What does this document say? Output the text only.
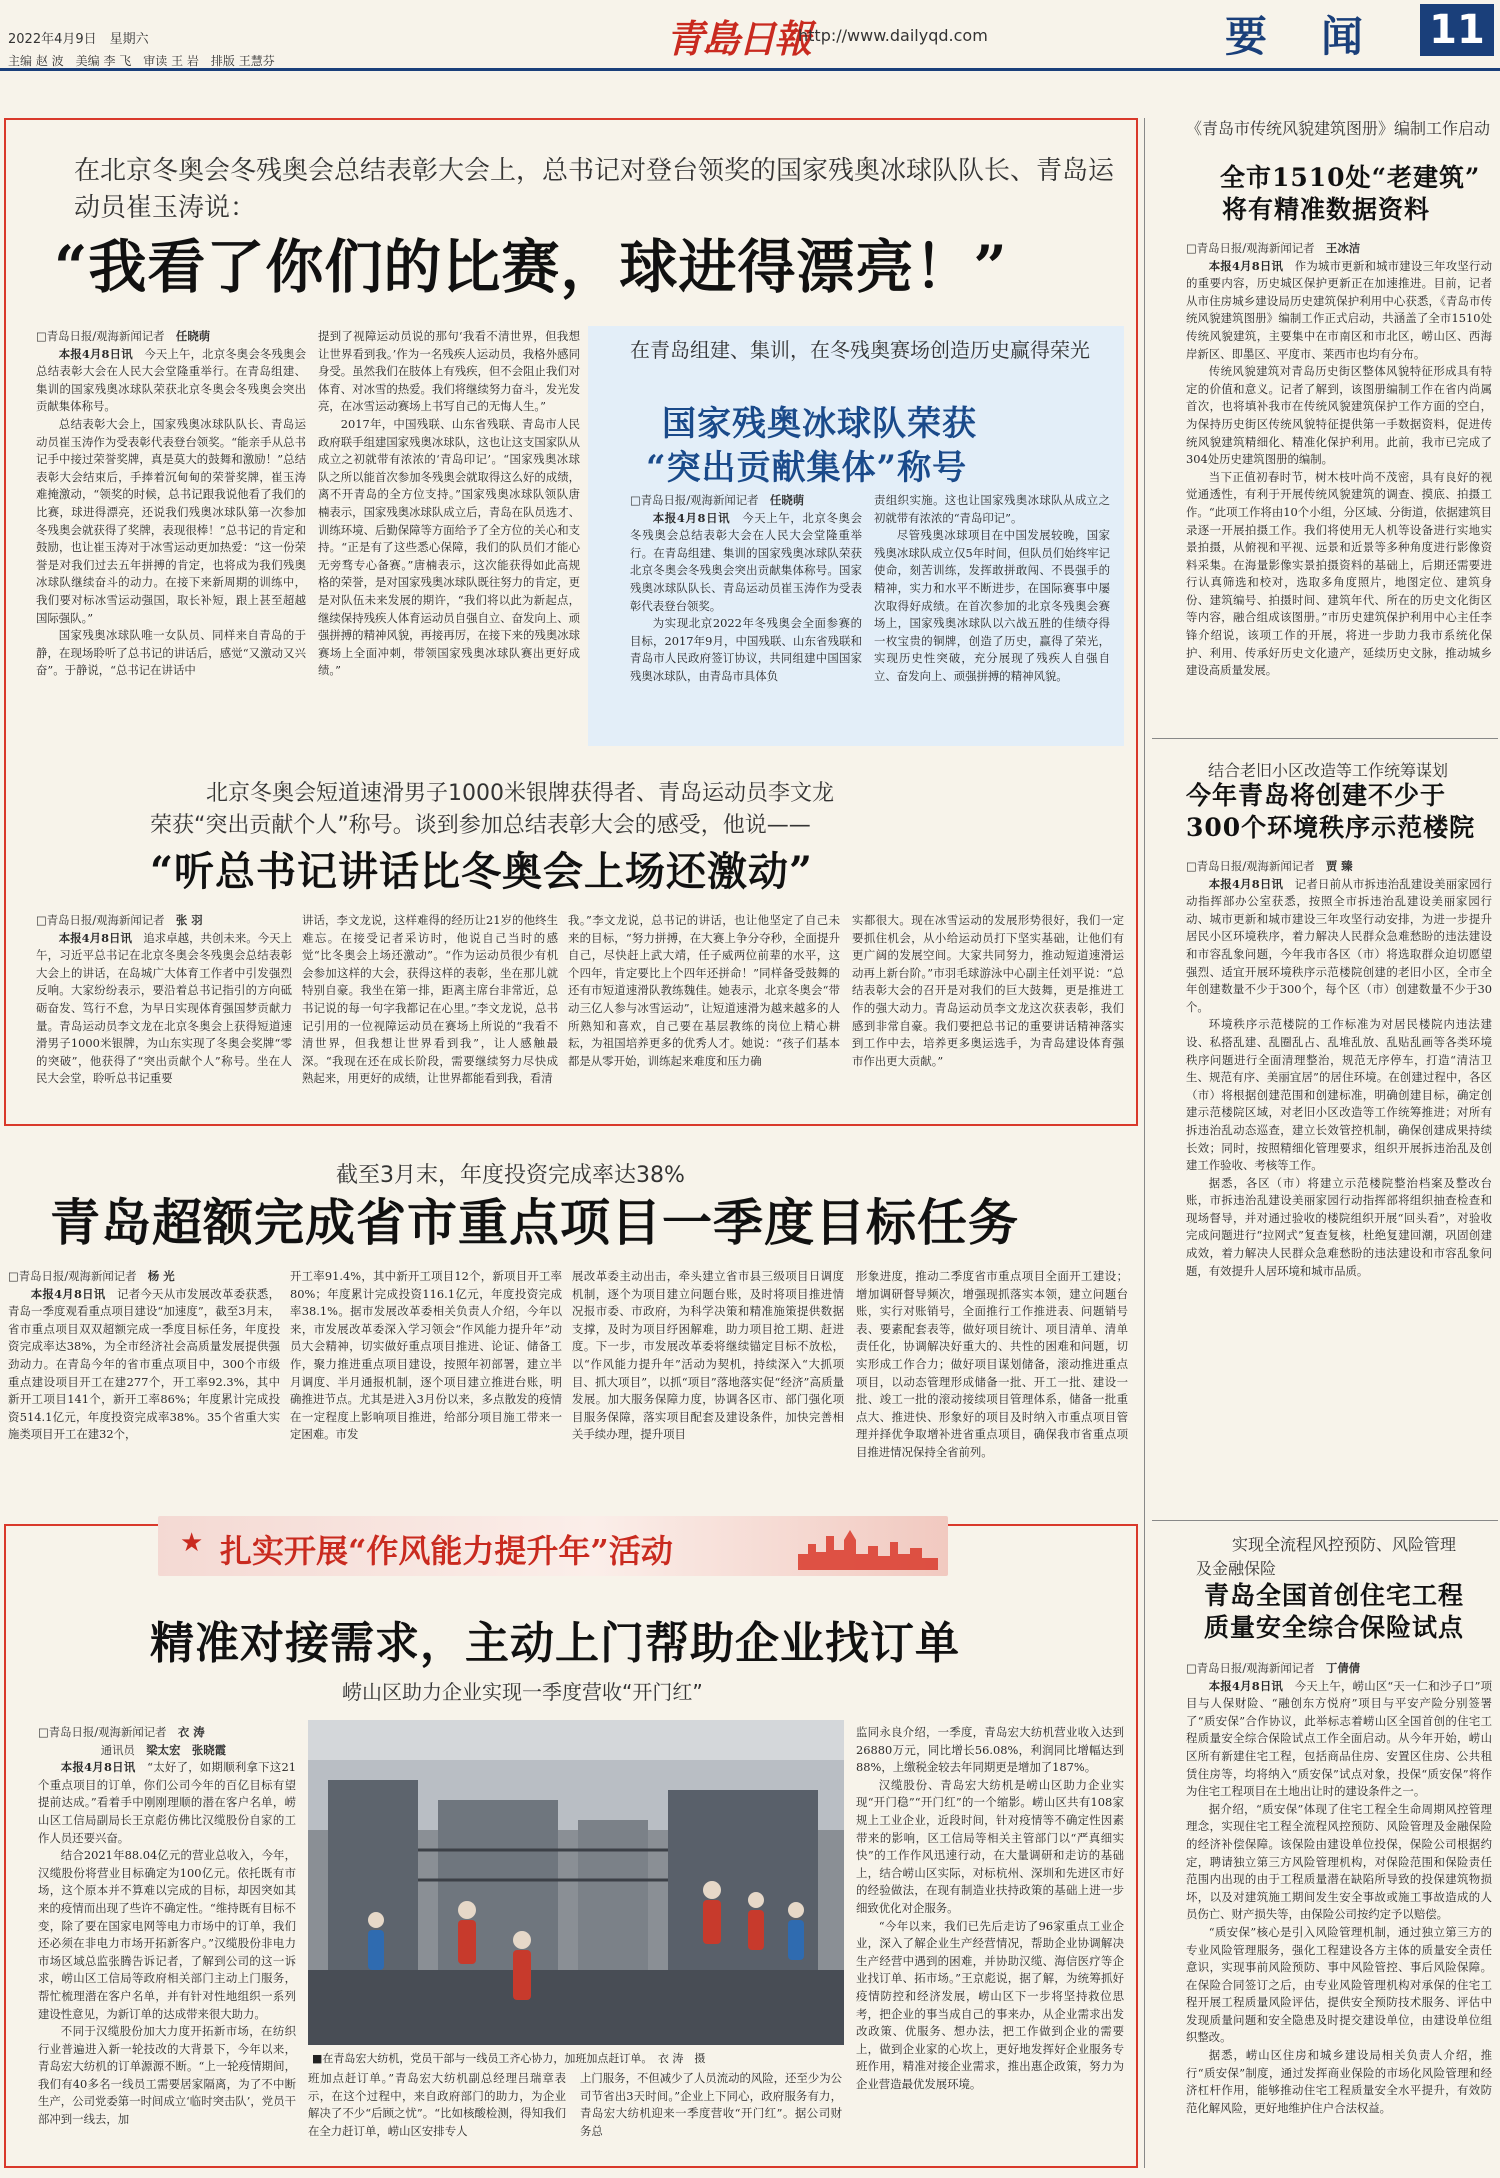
2022年4月9日　星期六	青島日報
http://www.dailyqd.com	要　闻 11
主编 赵 波　美编 李 飞　审读 王 岩　排版 王慧芬
在北京冬奥会冬残奥会总结表彰大会上，总书记对登台领奖的国家残奥冰球队队长、青岛运动员崔玉涛说：
“我看了你们的比赛，球进得漂亮！”

□青岛日报/观海新闻记者　 任晓萌

本报4月8日讯　 今天上午，北京冬奥会冬残奥会总结表彰大会在人民大会堂隆重举行。在青岛组建、集训的国家残奥冰球队荣获北京冬奥会冬残奥会突出贡献集体称号。

总结表彰大会上，国家残奥冰球队队长、青岛运动员崔玉涛作为受表彰代表登台领奖。“能亲手从总书记手中接过荣誉奖牌，真是莫大的鼓舞和激励！”总结表彰大会结束后，手捧着沉甸甸的荣誉奖牌，崔玉涛难掩激动，“领奖的时候，总书记跟我说他看了我们的比赛，球进得漂亮，还说我们残奥冰球队第一次参加冬残奥会就获得了奖牌，表现很棒！”总书记的肯定和鼓励，也让崔玉涛对于冰雪运动更加热爱：“这一份荣誉是对我们过去五年拼搏的肯定，也将成为我们残奥冰球队继续奋斗的动力。在接下来新周期的训练中，我们要对标冰雪运动强国，取长补短，跟上甚至超越国际强队。”

国家残奥冰球队唯一女队员、同样来自青岛的于静，在现场聆听了总书记的讲话后，感觉“又激动又兴奋”。于静说，“总书记在讲话中

提到了视障运动员说的那句‘我看不清世界，但我想让世界看到我。’作为一名残疾人运动员，我格外感同身受。虽然我们在肢体上有残疾，但不会阻止我们对体育、对冰雪的热爱。我们将继续努力奋斗，发光发亮，在冰雪运动赛场上书写自己的无悔人生。”

2017年，中国残联、山东省残联、青岛市人民政府联手组建国家残奥冰球队，这也让这支国家队从成立之初就带有浓浓的‘青岛印记’。“国家残奥冰球队之所以能首次参加冬残奥会就取得这么好的成绩，离不开青岛的全方位支持。”国家残奥冰球队领队唐楠表示，国家残奥冰球队成立后，青岛在队员选才、训练环境、后勤保障等方面给予了全方位的关心和支持。“正是有了这些悉心保障，我们的队员们才能心无旁骛专心备赛。”唐楠表示，这次能获得如此高规格的荣誉，是对国家残奥冰球队既往努力的肯定，更是对队伍未来发展的期许，“我们将以此为新起点，继续保持残疾人体育运动员自强自立、奋发向上、顽强拼搏的精神风貌，再接再厉，在接下来的残奥冰球赛场上全面冲刺，带领国家残奥冰球队赛出更好成绩。”

在青岛组建、集训，在冬残奥赛场创造历史赢得荣光
国家残奥冰球队荣获
“突出贡献集体”称号

□青岛日报/观海新闻记者　 任晓萌

本报4月8日讯　 今天上午，北京冬奥会冬残奥会总结表彰大会在人民大会堂隆重举行。在青岛组建、集训的国家残奥冰球队荣获北京冬奥会冬残奥会突出贡献集体称号。国家残奥冰球队队长、青岛运动员崔玉涛作为受表彰代表登台领奖。

为实现北京2022年冬残奥会全面参赛的目标，2017年9月，中国残联、山东省残联和青岛市人民政府签订协议，共同组建中国国家残奥冰球队，由青岛市具体负

责组织实施。这也让国家残奥冰球队从成立之初就带有浓浓的“青岛印记”。

尽管残奥冰球项目在中国发展较晚，国家残奥冰球队成立仅5年时间，但队员们始终牢记使命，刻苦训练，发挥敢拼敢闯、不畏强手的精神，实力和水平不断进步，在国际赛事中屡次取得好成绩。在首次参加的北京冬残奥会赛场上，国家残奥冰球队以六战五胜的佳绩夺得一枚宝贵的铜牌，创造了历史，赢得了荣光，实现历史性突破，充分展现了残疾人自强自立、奋发向上、顽强拼搏的精神风貌。

北京冬奥会短道速滑男子1000米银牌获得者、青岛运动员李文龙
荣获“突出贡献个人”称号。谈到参加总结表彰大会的感受，他说——
“听总书记讲话比冬奥会上场还激动”

□青岛日报/观海新闻记者　 张 羽

本报4月8日讯　 追求卓越，共创未来。今天上午，习近平总书记在北京冬奥会冬残奥会总结表彰大会上的讲话，在岛城广大体育工作者中引发强烈反响。大家纷纷表示，要沿着总书记指引的方向砥砺奋发、笃行不怠，为早日实现体育强国梦贡献力量。青岛运动员李文龙在北京冬奥会上获得短道速滑男子1000米银牌，为山东实现了冬奥会奖牌“零的突破”，他获得了“突出贡献个人”称号。坐在人民大会堂，聆听总书记重要

讲话，李文龙说，这样难得的经历让21岁的他终生难忘。在接受记者采访时，他说自己当时的感觉“比冬奥会上场还激动”。“作为运动员很少有机会参加这样的大会，获得这样的表彰，坐在那儿就特别自豪。我坐在第一排，距离主席台非常近，总书记说的每一句字我都记在心里。”李文龙说，总书记引用的一位视障运动员在赛场上所说的“我看不清世界，但我想让世界看到我”，让人感触最深。“我现在还在成长阶段，需要继续努力尽快成熟起来，用更好的成绩，让世界都能看到我，看清

我。”李文龙说，总书记的讲话，也让他坚定了自己未来的目标，“努力拼搏，在大赛上争分夺秒，全面提升自己，尽快赶上武大靖，任子威两位前辈的水平，这个四年，肯定要比上个四年还拼命！”同样备受鼓舞的还有市短道速滑队教练魏佳。她表示，北京冬奥会“带动三亿人参与冰雪运动”，让短道速滑为越来越多的人所熟知和喜欢，自己要在基层教练的岗位上精心耕耘，为祖国培养更多的优秀人才。她说：“孩子们基本都是从零开始，训练起来难度和压力确

实都很大。现在冰雪运动的发展形势很好，我们一定要抓住机会，从小给运动员打下坚实基础，让他们有更广阔的发展空间。大家共同努力，推动短道速滑运动再上新台阶。”市羽毛球游泳中心副主任刘平说：“总结表彰大会的召开是对我们的巨大鼓舞，更是推进工作的强大动力。青岛运动员李文龙这次获表彰，我们感到非常自豪。我们要把总书记的重要讲话精神落实到工作中去，培养更多奥运选手，为青岛建设体育强市作出更大贡献。”

截至3月末，年度投资完成率达38%
青岛超额完成省市重点项目一季度目标任务

□青岛日报/观海新闻记者　 杨 光

本报4月8日讯　 记者今天从市发展改革委获悉，青岛一季度观看重点项目建设“加速度”，截至3月末，省市重点项目双双超额完成一季度目标任务，年度投资完成率达38%，为全市经济社会高质量发展提供强劲动力。在青岛今年的省市重点项目中，300个市级重点建设项目开工在建277个，开工率92.3%，其中新开工项目141个，新开工率86%；年度累计完成投资514.1亿元，年度投资完成率38%。35个省重大实施类项目开工在建32个，

开工率91.4%，其中新开工项目12个，新项目开工率80%；年度累计完成投资116.1亿元，年度投资完成率38.1%。据市发展改革委相关负责人介绍，今年以来，市发展改革委深入学习领会“作风能力提升年”动员大会精神，切实做好重点项目推进、论证、储备工作，聚力推进重点项目建设，按照年初部署，建立半月调度、半月通报机制，逐个项目建立推进台账，明确推进节点。尤其是进入3月份以来，多点散发的疫情在一定程度上影响项目推进，给部分项目施工带来一定困难。市发

展改革委主动出击，牵头建立省市县三级项目日调度机制，逐个为项目建立问题台账，及时将项目推进情况报市委、市政府，为科学决策和精准施策提供数据支撑，及时为项目纾困解难，助力项目抢工期、赶进度。下一步，市发展改革委将继续锚定目标不放松，以“作风能力提升年”活动为契机，持续深入“大抓项目、抓大项目”，以抓“项目”落地落实促“经济”高质量发展。加大服务保障力度，协调各区市、部门强化项目服务保障，落实项目配套及建设条件，加快完善相关手续办理，提升项目

形象进度，推动二季度省市重点项目全面开工建设；增加调研督导频次，增强现抓落实本领，建立问题台账，实行对账销号，全面推行工作推进表、问题销号表、要素配套表等，做好项目统计、项目清单、清单责任化，协调解决好重大的、共性的困难和问题，切实形成工作合力；做好项目谋划储备，滚动推进重点项目，以动态管理形成储备一批、开工一批、建设一批、竣工一批的滚动接续项目管理体系，储备一批重点大、推进快、形象好的项目及时纳入市重点项目管理并择优争取增补进省重点项目，确保我市省重点项目推进情况保持全省前列。

★ 扎实开展“作风能力提升年”活动
精准对接需求，主动上门帮助企业找订单
崂山区助力企业实现一季度营收“开门红”

□青岛日报/观海新闻记者　 衣 涛
通讯员　 梁太宏　张晓霞

本报4月8日讯　 “太好了，如期顺利拿下这21个重点项目的订单，你们公司今年的百亿目标有望提前达成。”看着手中刚刚理顺的潜在客户名单，崂山区工信局副局长王京彪仿佛比汉缆股份自家的工作人员还要兴奋。

结合2021年88.04亿元的营业总收入，今年，汉缆股份将营业目标确定为100亿元。依托既有市场，这个原本并不算难以完成的目标，却因突如其来的疫情而出现了些许不确定性。“维持既有目标不变，除了要在国家电网等电力市场中的订单，我们还必须在非电力市场开拓新客户。”汉缆股份非电力市场区域总监张腾告诉记者，了解到公司的这一诉求，崂山区工信局等政府相关部门主动上门服务，帮忙梳理潜在客户名单，并有针对性地组织一系列建设性意见，为新订单的达成带来很大助力。

不同于汉缆股份加大力度开拓新市场，在纺织行业普遍进入新一轮技改的大背景下，今年以来，青岛宏大纺机的订单源源不断。“上一轮疫情期间，我们有40多名一线员工需要居家隔离，为了不中断生产，公司党委第一时间成立‘临时突击队’，党员干部冲到一线去，加

■在青岛宏大纺机，党员干部与一线员工齐心协力，加班加点赶订单。　衣 涛　摄

班加点赶订单。”青岛宏大纺机副总经理吕瑞章表示，在这个过程中，来自政府部门的助力，为企业解决了不少“后顾之忧”。“比如核酸检测，得知我们在全力赶订单，崂山区安排专人

上门服务，不但减少了人员流动的风险，还至少为公司节省出3天时间。”企业上下同心，政府服务有力，青岛宏大纺机迎来一季度营收“开门红”。据公司财务总

监同永良介绍，一季度，青岛宏大纺机营业收入达到26880万元，同比增长56.08%，利润同比增幅达到88%，上缴税金较去年同期更是增加了187%。

汉缆股份、青岛宏大纺机是崂山区助力企业实现“开门稳”“开门红”的一个缩影。崂山区共有108家规上工业企业，近段时间，针对疫情等不确定性因素带来的影响，区工信局等相关主管部门以“严真细实快”的工作作风迅速行动，在大量调研和走访的基础上，结合崂山区实际，对标杭州、深圳和先进区市好的经验做法，在现有制造业扶持政策的基础上进一步细致优化对企服务。

“今年以来，我们已先后走访了96家重点工业企业，深入了解企业生产经营情况，帮助企业协调解决生产经营中遇到的困难，并协助汉缆、海信医疗等企业找订单、拓市场。”王京彪说，据了解，为统筹抓好疫情防控和经济发展，崂山区下一步将坚持救位思考，把企业的事当成自己的事来办，从企业需求出发改政策、优服务、想办法，把工作做到企业的需要上，做到企业家的心坎上，更好地发挥好企业服务专班作用，精准对接企业需求，推出惠企政策，努力为企业营造最优发展环境。

《青岛市传统风貌建筑图册》编制工作启动
全市1510处“老建筑”
将有精准数据资料

□青岛日报/观海新闻记者　 王冰洁

本报4月8日讯　 作为城市更新和城市建设三年攻坚行动的重要内容，历史城区保护更新正在加速推进。目前，记者从市住房城乡建设局历史建筑保护利用中心获悉，《青岛市传统风貌建筑图册》编制工作正式启动，共涵盖了全市1510处传统风貌建筑，主要集中在市南区和市北区，崂山区、西海岸新区、即墨区、平度市、莱西市也均有分布。

传统风貌建筑对青岛历史街区整体风貌特征形成具有特定的价值和意义。记者了解到，该图册编制工作在省内尚属首次，也将填补我市在传统风貌建筑保护工作方面的空白，为保持历史街区传统风貌特征提供第一手数据资料，促进传统风貌建筑精细化、精准化保护利用。此前，我市已完成了304处历史建筑图册的编制。

当下正值初春时节，树木枝叶尚不茂密，具有良好的视觉通透性，有利于开展传统风貌建筑的调查、摸底、拍摄工作。“此项工作将由10个小组，分区域、分街道，依据建筑目录逐一开展拍摄工作。我们将使用无人机等设备进行实地实景拍摄，从俯视和平视、远景和近景等多种角度进行影像资料采集。在海量影像实景拍摄资料的基础上，后期还需要进行认真筛选和校对，选取多角度照片，地图定位、建筑身份、建筑编号、拍摄时间、建筑年代、所在的历史文化街区等内容，融合组成该图册。”市历史建筑保护利用中心主任李锋介绍说，该项工作的开展，将进一步助力我市系统化保护、利用、传承好历史文化遗产，延续历史文脉，推动城乡建设高质量发展。

结合老旧小区改造等工作统筹谋划
今年青岛将创建不少于
300个环境秩序示范楼院

□青岛日报/观海新闻记者　 贾 臻

本报4月8日讯　 记者日前从市拆违治乱建设美丽家园行动指挥部办公室获悉，按照全市拆违治乱建设美丽家园行动、城市更新和城市建设三年攻坚行动安排，为进一步提升居民小区环境秩序，着力解决人民群众急难愁盼的违法建设和市容乱象问题，今年我市各区（市）将选取群众迫切愿望强烈、适宜开展环境秩序示范楼院创建的老旧小区，全市全年创建数量不少于300个，每个区（市）创建数量不少于30个。

环境秩序示范楼院的工作标准为对居民楼院内违法建设、私搭乱建、乱圈乱占、乱堆乱放、乱贴乱画等各类环境秩序问题进行全面清理整治，规范无序停车，打造“清洁卫生、规范有序、美丽宜居”的居住环境。在创建过程中，各区（市）将根据创建范围和创建标准，明确创建目标，确定创建示范楼院区域，对老旧小区改造等工作统筹推进；对所有拆违治乱动态巡查，建立长效管控机制，确保创建成果持续长效；同时，按照精细化管理要求，组织开展拆违治乱及创建工作验收、考核等工作。

据悉，各区（市）将建立示范楼院整治档案及整改台账，市拆违治乱建设美丽家园行动指挥部将组织抽查检查和现场督导，并对通过验收的楼院组织开展“回头看”，对验收完成问题进行“拉网式”复查复核，杜绝复建回潮，巩固创建成效，着力解决人民群众急难愁盼的违法建设和市容乱象问题，有效提升人居环境和城市品质。

实现全流程风控预防、风险管理
及金融保险
青岛全国首创住宅工程
质量安全综合保险试点

□青岛日报/观海新闻记者　 丁倩倩

本报4月8日讯　 今天上午，崂山区“天一仁和沙子口”项目与人保财险、“融创东方悦府”项目与平安产险分别签署了“质安保”合作协议，此举标志着崂山区全国首创的住宅工程质量安全综合保险试点工作全面启动。从今年开始，崂山区所有新建住宅工程，包括商品住房、安置区住房、公共租赁住房等，均将纳入“质安保”试点对象，投保“质安保”将作为住宅工程项目在土地出让时的建设条件之一。

据介绍，“质安保”体现了住宅工程全生命周期风控管理理念，实现住宅工程全流程风控预防、风险管理及金融保险的经济补偿保障。该保险由建设单位投保，保险公司根据约定，聘请独立第三方风险管理机构，对保险范围和保险责任范围内出现的由于工程质量潜在缺陷所导致的投保建筑物损坏，以及对建筑施工期间发生安全事故或施工事故造成的人员伤亡、财产损失等，由保险公司按约定予以赔偿。

“质安保”核心是引入风险管理机制，通过独立第三方的专业风险管理服务，强化工程建设各方主体的质量安全责任意识，实现事前风险预防、事中风险管控、事后风险保障。在保险合同签订之后，由专业风险管理机构对承保的住宅工程开展工程质量风险评估，提供安全预防技术服务、评估中发现质量问题和安全隐患及时提交建设单位，由建设单位组织整改。

据悉，崂山区住房和城乡建设局相关负责人介绍，推行“质安保”制度，通过发挥商业保险的市场化风险管理和经济杠杆作用，能够推动住宅工程质量安全水平提升，有效防范化解风险，更好地维护住户合法权益。
